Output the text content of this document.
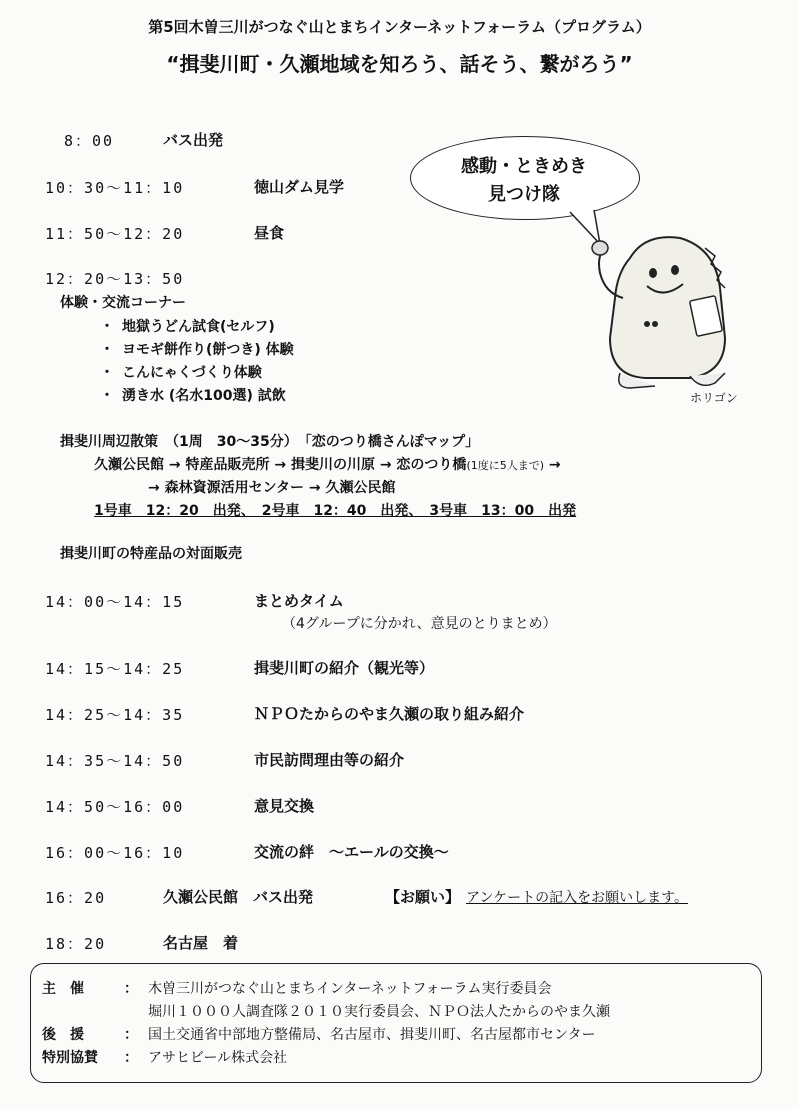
第5回木曽三川がつなぐ山とまちインターネットフォーラム（プログラム）
“揖斐川町・久瀬地域を知ろう、話そう、繋がろう”
感動・ときめき
見つけ隊
ホリゴン
8：00	バス出発
10：30～11：10	徳山ダム見学
11：50～12：20	昼食
12：20～13：50
体験・交流コーナー
・ 地獄うどん試食(セルフ)
・ ヨモギ餅作り(餅つき) 体験
・ こんにゃくづくり体験
・ 湧き水 (名水100選) 試飲
揖斐川周辺散策　（1周　30～35分）　「恋のつり橋さんぽマップ」
久瀬公民館 → 特産品販売所 → 揖斐川の川原 → 恋のつり橋(1度に5人まで) →
→ 森林資源活用センター → 久瀬公民館
1号車　12：20　出発、　2号車　12：40　出発、　3号車　13：00　出発
揖斐川町の特産品の対面販売
14：00～14：15	まとめタイム
（4グループに分かれ、意見のとりまとめ）
14：15～14：25	揖斐川町の紹介（観光等）
14：25～14：35	ＮＰＯたからのやま久瀬の取り組み紹介
14：35～14：50	市民訪問理由等の紹介
14：50～16：00	意見交換
16：00～16：10	交流の絆　～エールの交換～
16：20	久瀬公民館　バス出発	【お願い】 アンケートの記入をお願いします。
18：20	名古屋　着
主　催	： 木曽三川がつなぐ山とまちインターネットフォーラム実行委員会
堀川１０００人調査隊２０１０実行委員会、ＮＰＯ法人たからのやま久瀬
後　援	： 国土交通省中部地方整備局、名古屋市、揖斐川町、名古屋都市センター
特別協賛 ： アサヒビール株式会社
